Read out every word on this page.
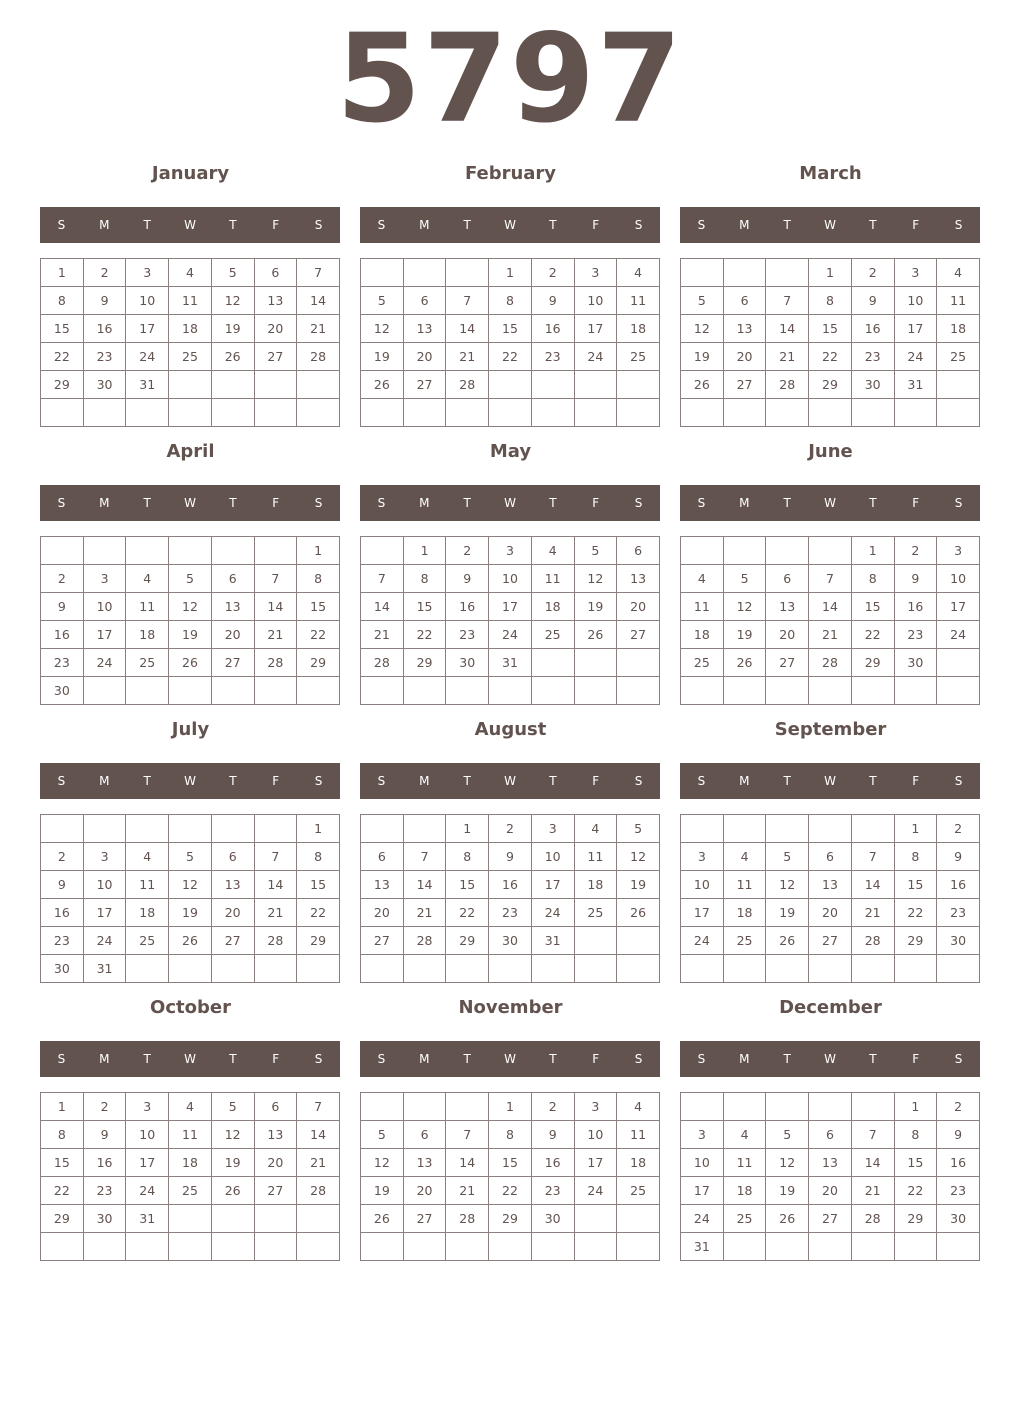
5797
January
S	M	T	W	T	F	S
1	2	3	4	5	6	7
8	9	10	11	12	13	14
15	16	17	18	19	20	21
22	23	24	25	26	27	28
29	30	31				

February
S	M	T	W	T	F	S
			1	2	3	4
5	6	7	8	9	10	11
12	13	14	15	16	17	18
19	20	21	22	23	24	25
26	27	28				

March
S	M	T	W	T	F	S
			1	2	3	4
5	6	7	8	9	10	11
12	13	14	15	16	17	18
19	20	21	22	23	24	25
26	27	28	29	30	31	

April
S	M	T	W	T	F	S
						1
2	3	4	5	6	7	8
9	10	11	12	13	14	15
16	17	18	19	20	21	22
23	24	25	26	27	28	29
30						
May
S	M	T	W	T	F	S
	1	2	3	4	5	6
7	8	9	10	11	12	13
14	15	16	17	18	19	20
21	22	23	24	25	26	27
28	29	30	31			

June
S	M	T	W	T	F	S
				1	2	3
4	5	6	7	8	9	10
11	12	13	14	15	16	17
18	19	20	21	22	23	24
25	26	27	28	29	30	

July
S	M	T	W	T	F	S
						1
2	3	4	5	6	7	8
9	10	11	12	13	14	15
16	17	18	19	20	21	22
23	24	25	26	27	28	29
30	31					
August
S	M	T	W	T	F	S
		1	2	3	4	5
6	7	8	9	10	11	12
13	14	15	16	17	18	19
20	21	22	23	24	25	26
27	28	29	30	31		

September
S	M	T	W	T	F	S
					1	2
3	4	5	6	7	8	9
10	11	12	13	14	15	16
17	18	19	20	21	22	23
24	25	26	27	28	29	30

October
S	M	T	W	T	F	S
1	2	3	4	5	6	7
8	9	10	11	12	13	14
15	16	17	18	19	20	21
22	23	24	25	26	27	28
29	30	31				

November
S	M	T	W	T	F	S
			1	2	3	4
5	6	7	8	9	10	11
12	13	14	15	16	17	18
19	20	21	22	23	24	25
26	27	28	29	30		

December
S	M	T	W	T	F	S
					1	2
3	4	5	6	7	8	9
10	11	12	13	14	15	16
17	18	19	20	21	22	23
24	25	26	27	28	29	30
31						
